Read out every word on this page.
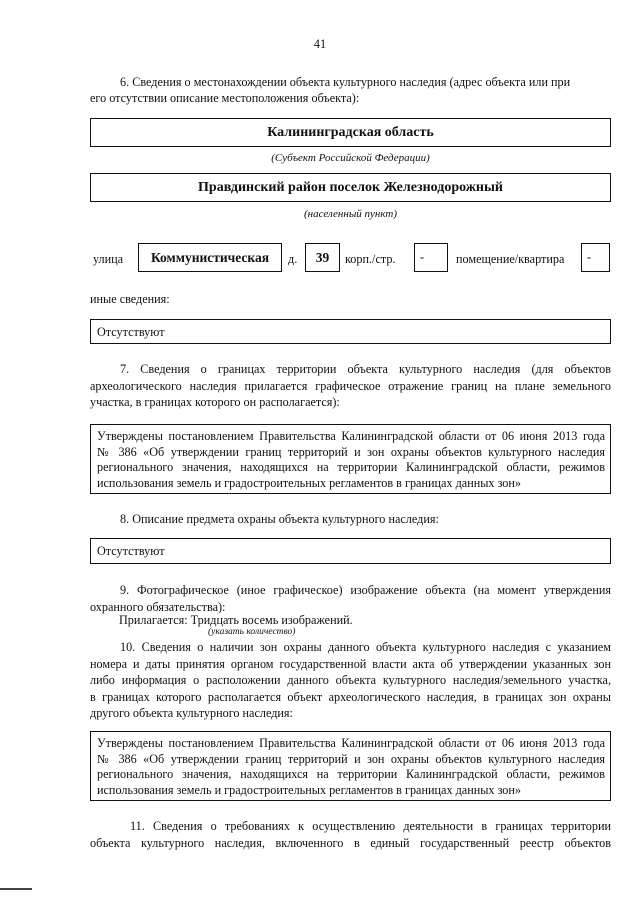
41
6. Сведения о местонахождении объекта культурного наследия (адрес объекта или при
его отсутствии описание местоположения объекта):
Калининградская область
(Субъект Российской Федерации)
Правдинский район поселок Железнодорожный
(населенный пункт)
улица	Коммунистическая	д.	39	корп./стр.	-	помещение/квартира	-
иные сведения:
Отсутствуют
7. Сведения о границах территории объекта культурного наследия (для объектов
археологического наследия прилагается графическое отражение границ на плане земельного
участка, в границах которого он располагается):
Утверждены постановлением Правительства Калининградской области от 06 июня 2013 года
№ 386 «Об утверждении границ территорий и зон охраны объектов культурного наследия
регионального значения, находящихся на территории Калининградской области, режимов
использования земель и градостроительных регламентов в границах данных зон»
8. Описание предмета охраны объекта культурного наследия:
Отсутствуют
9. Фотографическое (иное графическое) изображение объекта (на момент утверждения
охранного обязательства):
Прилагается: Тридцать восемь изображений.
(указать количество)
10. Сведения о наличии зон охраны данного объекта культурного наследия с указанием
номера и даты принятия органом государственной власти акта об утверждении указанных зон
либо информация о расположении данного объекта культурного наследия/земельного участка,
в границах которого располагается объект археологического наследия, в границах зон охраны
другого объекта культурного наследия:
Утверждены постановлением Правительства Калининградской области от 06 июня 2013 года
№ 386 «Об утверждении границ территорий и зон охраны объектов культурного наследия
регионального значения, находящихся на территории Калининградской области, режимов
использования земель и градостроительных регламентов в границах данных зон»
11. Сведения о требованиях к осуществлению деятельности в границах территории
объекта культурного наследия, включенного в единый государственный реестр объектов
